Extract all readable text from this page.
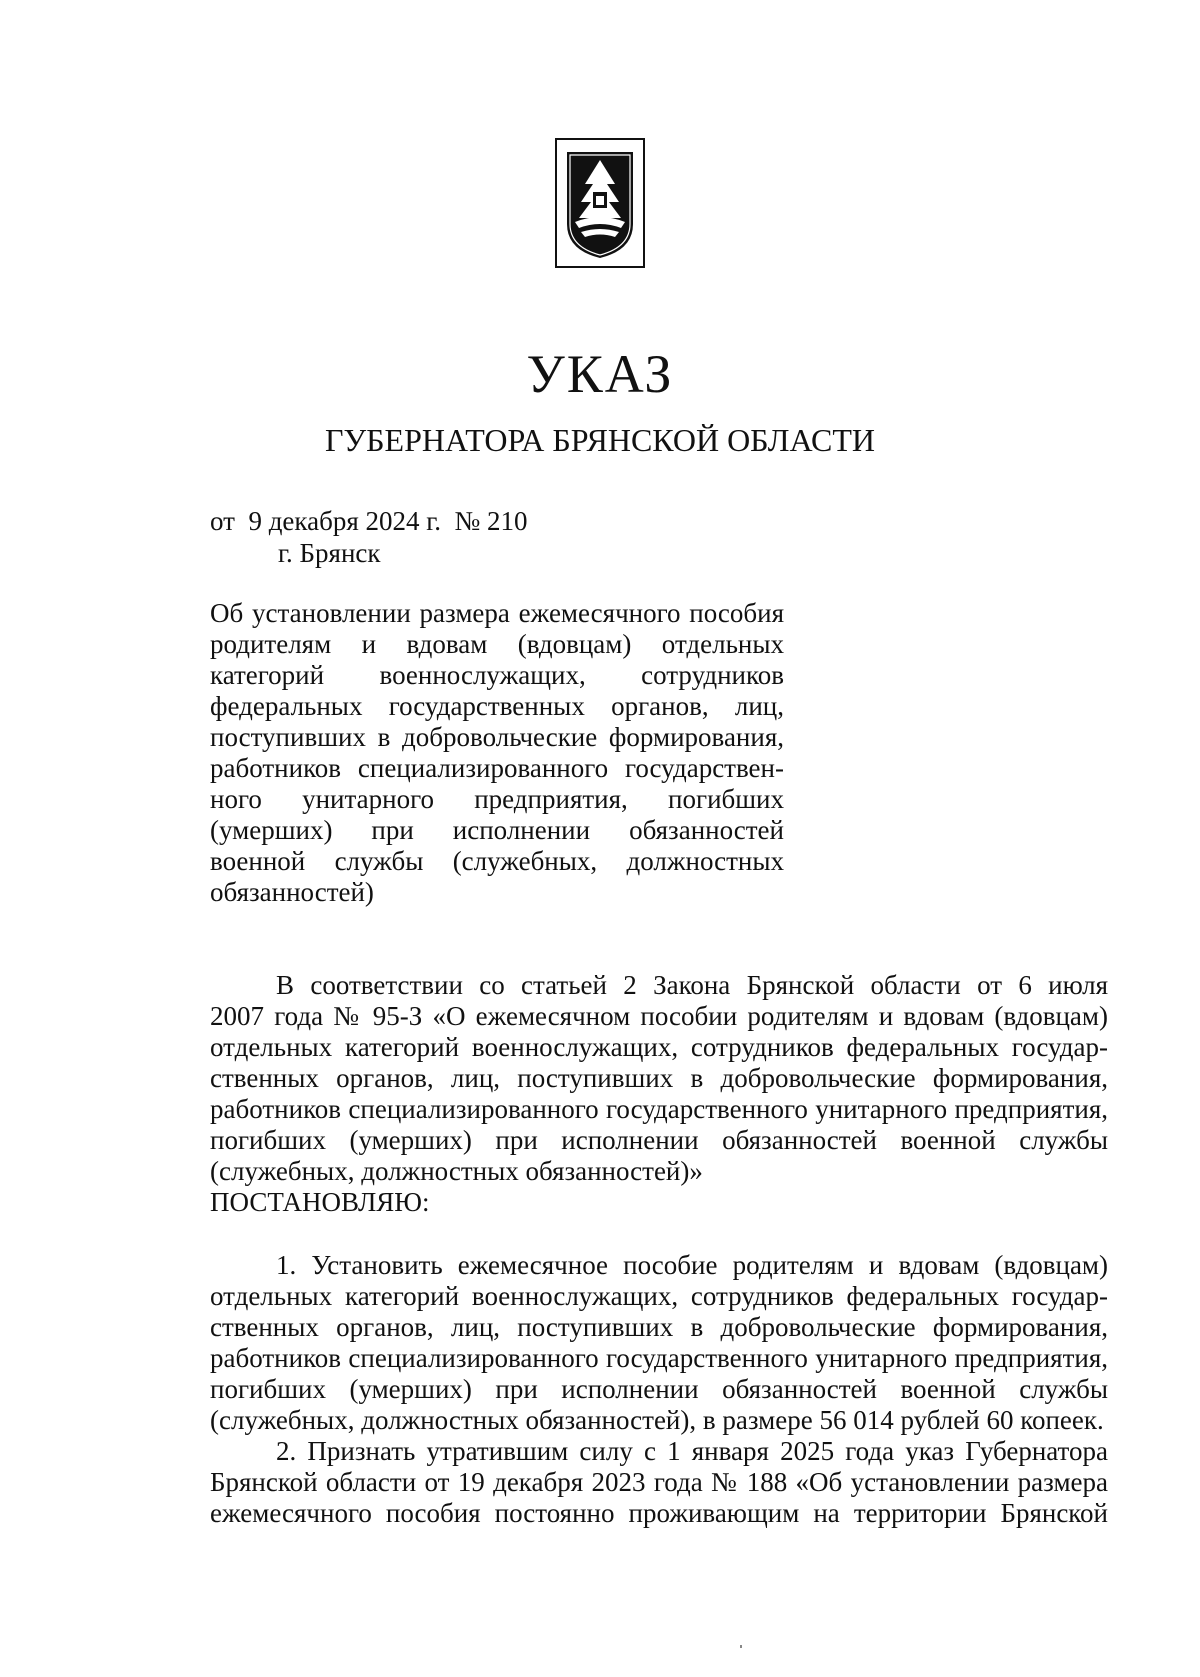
УКАЗ
ГУБЕРНАТОРА БРЯНСКОЙ ОБЛАСТИ
от  9 декабря 2024 г.  № 210
г. Брянск
Об установлении размера ежемесячного пособия
родителям и вдовам (вдовцам) отдельных
категорий военнослужащих, сотрудников
федеральных государственных органов, лиц,
поступивших в добровольческие формирования,
работников специализированного государствен-
ного унитарного предприятия, погибших
(умерших) при исполнении обязанностей
военной службы (служебных, должностных
обязанностей)
В соответствии со статьей 2 Закона Брянской области от 6 июля
2007 года № 95-З «О ежемесячном пособии родителям и вдовам (вдовцам)
отдельных категорий военнослужащих, сотрудников федеральных государ-
ственных органов, лиц, поступивших в добровольческие формирования,
работников специализированного государственного унитарного предприятия,
погибших (умерших) при исполнении обязанностей военной службы
(служебных, должностных обязанностей)»
ПОСТАНОВЛЯЮ:
1. Установить ежемесячное пособие родителям и вдовам (вдовцам)
отдельных категорий военнослужащих, сотрудников федеральных государ-
ственных органов, лиц, поступивших в добровольческие формирования,
работников специализированного государственного унитарного предприятия,
погибших (умерших) при исполнении обязанностей военной службы
(служебных, должностных обязанностей), в размере 56 014 рублей 60 копеек.
2. Признать утратившим силу с 1 января 2025 года указ Губернатора
Брянской области от 19 декабря 2023 года № 188 «Об установлении размера
ежемесячного пособия постоянно проживающим на территории Брянской
